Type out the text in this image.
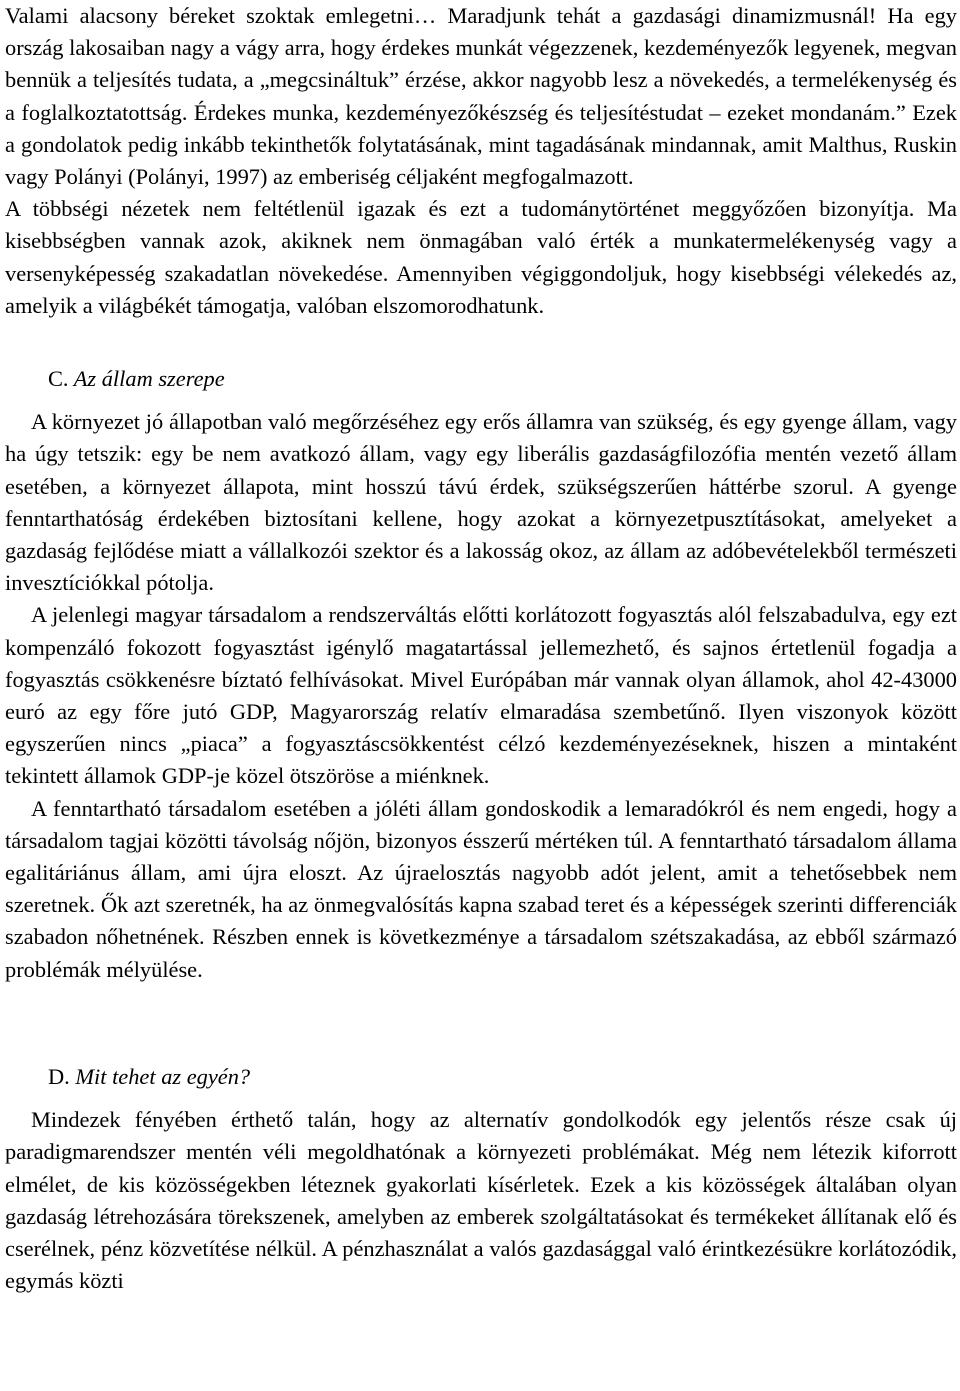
Valami alacsony béreket szoktak emlegetni… Maradjunk tehát a gazdasági dinamizmusnál! Ha egy ország lakosaiban nagy a vágy arra, hogy érdekes munkát végezzenek, kezdeményezők legyenek, megvan bennük a teljesítés tudata, a „megcsináltuk” érzése, akkor nagyobb lesz a növekedés, a termelékenység és a foglalkoztatottság. Érdekes munka, kezdeményezőkészség és teljesítéstudat – ezeket mondanám.” Ezek a gondolatok pedig inkább tekinthetők folytatásának, mint tagadásának mindannak, amit Malthus, Ruskin vagy Polányi (Polányi, 1997) az emberiség céljaként megfogalmazott.

A többségi nézetek nem feltétlenül igazak és ezt a tudománytörténet meggyőzően bizonyítja. Ma kisebbségben vannak azok, akiknek nem önmagában való érték a munkatermelékenység vagy a versenyképesség szakadatlan növekedése. Amennyiben végiggondoljuk, hogy kisebbségi vélekedés az, amelyik a világbékét támogatja, valóban elszomorodhatunk.

C. Az állam szerepe

A környezet jó állapotban való megőrzéséhez egy erős államra van szükség, és egy gyenge állam, vagy ha úgy tetszik: egy be nem avatkozó állam, vagy egy liberális gazdaságfilozófia mentén vezető állam esetében, a környezet állapota, mint hosszú távú érdek, szükségszerűen háttérbe szorul. A gyenge fenntarthatóság érdekében biztosítani kellene, hogy azokat a környezetpusztításokat, amelyeket a gazdaság fejlődése miatt a vállalkozói szektor és a lakosság okoz, az állam az adóbevételekből természeti invesztíciókkal pótolja.

A jelenlegi magyar társadalom a rendszerváltás előtti korlátozott fogyasztás alól felszabadulva, egy ezt kompenzáló fokozott fogyasztást igénylő magatartással jellemezhető, és sajnos értetlenül fogadja a fogyasztás csökkenésre bíztató felhívásokat. Mivel Európában már vannak olyan államok, ahol 42-43000 euró az egy főre jutó GDP, Magyarország relatív elmaradása szembetűnő. Ilyen viszonyok között egyszerűen nincs „piaca” a fogyasztáscsökkentést célzó kezdeményezéseknek, hiszen a mintaként tekintett államok GDP-je közel ötszöröse a miénknek.

A fenntartható társadalom esetében a jóléti állam gondoskodik a lemaradókról és nem engedi, hogy a társadalom tagjai közötti távolság nőjön, bizonyos ésszerű mértéken túl. A fenntartható társadalom állama egalitáriánus állam, ami újra eloszt. Az újraelosztás nagyobb adót jelent, amit a tehetősebbek nem szeretnek. Ők azt szeretnék, ha az önmegvalósítás kapna szabad teret és a képességek szerinti differenciák szabadon nőhetnének. Részben ennek is következménye a társadalom szétszakadása, az ebből származó problémák mélyülése.

D. Mit tehet az egyén?

Mindezek fényében érthető talán, hogy az alternatív gondolkodók egy jelentős része csak új paradigmarendszer mentén véli megoldhatónak a környezeti problémákat. Még nem létezik kiforrott elmélet, de kis közösségekben léteznek gyakorlati kísérletek. Ezek a kis közösségek általában olyan gazdaság létrehozására törekszenek, amelyben az emberek szolgáltatásokat és termékeket állítanak elő és cserélnek, pénz közvetítése nélkül. A pénzhasználat a valós gazdasággal való érintkezésükre korlátozódik, egymás közti
